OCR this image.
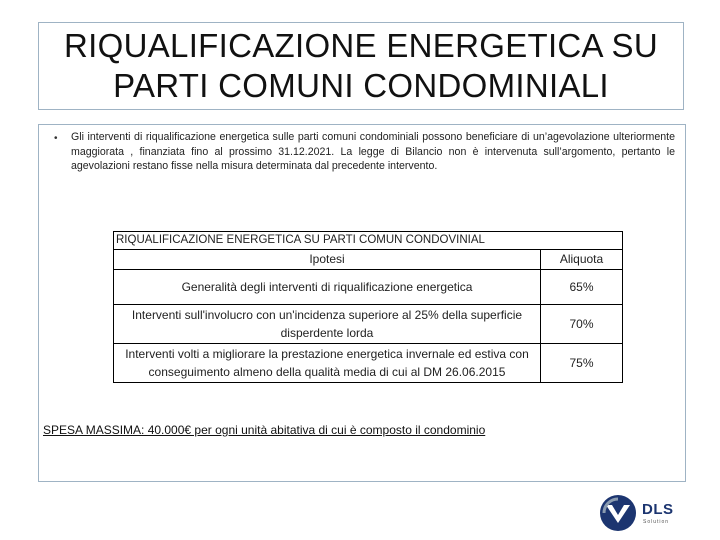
RIQUALIFICAZIONE ENERGETICA SU PARTI COMUNI CONDOMINIALI
• Gli interventi di riqualificazione energetica sulle parti comuni condominiali possono beneficiare di un’agevolazione ulteriormente maggiorata , finanziata fino al prossimo 31.12.2021. La legge di Bilancio non è intervenuta sull’argomento, pertanto le agevolazioni restano fisse nella misura determinata dal precedente intervento.
RIQUALIFICAZIONE ENERGETICA SU PARTI COMUN CONDOVINIAL
Ipotesi	Aliquota
Generalità degli interventi di riqualificazione energetica	65%
Interventi sull'involucro con un'incidenza superiore al 25% della superficie disperdente lorda
70%
Interventi volti a migliorare la prestazione energetica invernale ed estiva con conseguimento almeno della qualità media di cui al DM 26.06.2015
75%
SPESA MASSIMA: 40.000€ per ogni unità abitativa di cui è composto il condominio
DLS
Solution
